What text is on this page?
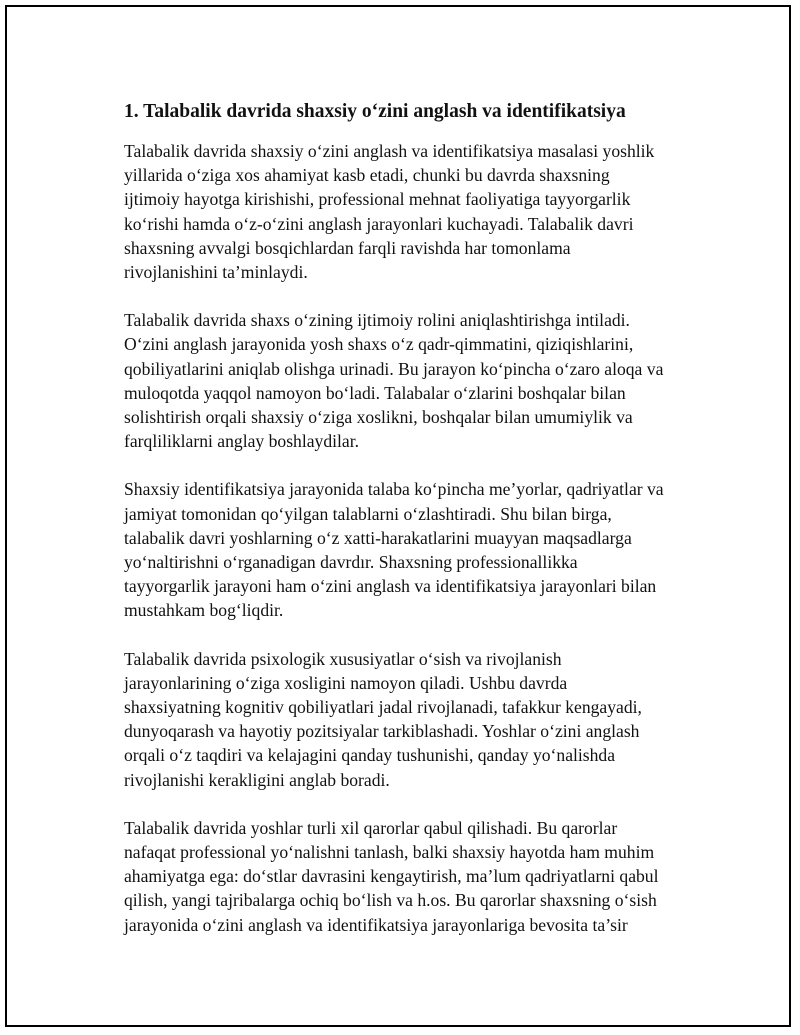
1. Talabalik davrida shaxsiy o‘zini anglash va identifikatsiya
Talabalik davrida shaxsiy o‘zini anglash va identifikatsiya masalasi yoshlik
yillarida o‘ziga xos ahamiyat kasb etadi, chunki bu davrda shaxsning
ijtimoiy hayotga kirishishi, professional mehnat faoliyatiga tayyorgarlik
ko‘rishi hamda o‘z-o‘zini anglash jarayonlari kuchayadi. Talabalik davri
shaxsning avvalgi bosqichlardan farqli ravishda har tomonlama
rivojlanishini ta’minlaydi.
Talabalik davrida shaxs o‘zining ijtimoiy rolini aniqlashtirishga intiladi.
O‘zini anglash jarayonida yosh shaxs o‘z qadr-qimmatini, qiziqishlarini,
qobiliyatlarini aniqlab olishga urinadi. Bu jarayon ko‘pincha o‘zaro aloqa va
muloqotda yaqqol namoyon bo‘ladi. Talabalar o‘zlarini boshqalar bilan
solishtirish orqali shaxsiy o‘ziga xoslikni, boshqalar bilan umumiylik va
farqliliklarni anglay boshlaydilar.
Shaxsiy identifikatsiya jarayonida talaba ko‘pincha me’yorlar, qadriyatlar va
jamiyat tomonidan qo‘yilgan talablarni o‘zlashtiradi. Shu bilan birga,
talabalik davri yoshlarning o‘z xatti-harakatlarini muayyan maqsadlarga
yo‘naltirishni o‘rganadigan davrdır. Shaxsning professionallikka
tayyorgarlik jarayoni ham o‘zini anglash va identifikatsiya jarayonlari bilan
mustahkam bog‘liqdir.
Talabalik davrida psixologik xususiyatlar o‘sish va rivojlanish
jarayonlarining o‘ziga xosligini namoyon qiladi. Ushbu davrda
shaxsiyatning kognitiv qobiliyatlari jadal rivojlanadi, tafakkur kengayadi,
dunyoqarash va hayotiy pozitsiyalar tarkiblashadi. Yoshlar o‘zini anglash
orqali o‘z taqdiri va kelajagini qanday tushunishi, qanday yo‘nalishda
rivojlanishi kerakligini anglab boradi.
Talabalik davrida yoshlar turli xil qarorlar qabul qilishadi. Bu qarorlar
nafaqat professional yo‘nalishni tanlash, balki shaxsiy hayotda ham muhim
ahamiyatga ega: do‘stlar davrasini kengaytirish, ma’lum qadriyatlarni qabul
qilish, yangi tajribalarga ochiq bo‘lish va h.os. Bu qarorlar shaxsning o‘sish
jarayonida o‘zini anglash va identifikatsiya jarayonlariga bevosita ta’sir
